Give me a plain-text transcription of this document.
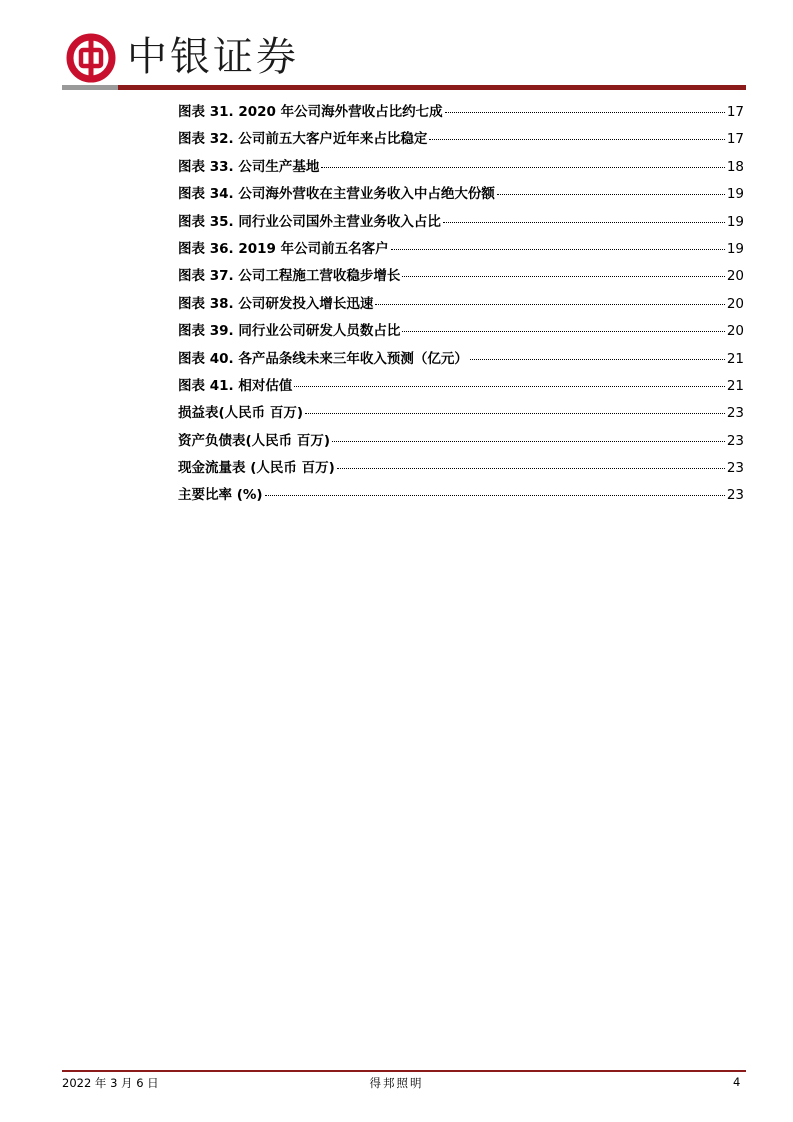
中银证券
图表 31. 2020 年公司海外营收占比约七成	17
图表 32. 公司前五大客户近年来占比稳定	17
图表 33. 公司生产基地	18
图表 34. 公司海外营收在主营业务收入中占绝大份额	19
图表 35. 同行业公司国外主营业务收入占比	19
图表 36. 2019 年公司前五名客户	19
图表 37. 公司工程施工营收稳步增长	20
图表 38. 公司研发投入增长迅速	20
图表 39. 同行业公司研发人员数占比	20
图表 40. 各产品条线未来三年收入预测（亿元）	21
图表 41. 相对估值	21
损益表(人民币 百万)	23
资产负债表(人民币 百万)	23
现金流量表 (人民币 百万)	23
主要比率 (%)	23
2022 年 3 月 6 日	得邦照明	4
